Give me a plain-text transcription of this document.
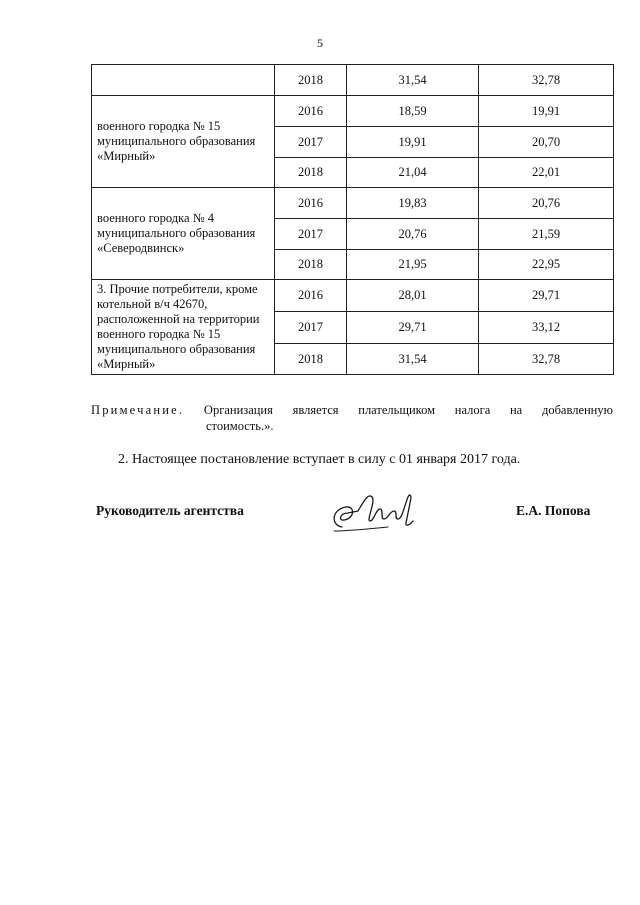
5
	2018	31,54	32,78
военного городка № 15 муниципального образования «Мирный»	2016	18,59	19,91
	2017	19,91	20,70
	2018	21,04	22,01
военного городка № 4 муниципального образования «Северодвинск»	2016	19,83	20,76
	2017	20,76	21,59
	2018	21,95	22,95
3. Прочие потребители, кроме котельной в/ч 42670, расположенной на территории военного городка № 15 муниципального образования «Мирный»	2016	28,01	29,71
	2017	29,71	33,12
	2018	31,54	32,78
Примечание. Организация является плательщиком налога на добавленную
стоимость.».
2. Настоящее постановление вступает в силу с 01 января 2017 года.
Руководитель агентства	Е.А. Попова
